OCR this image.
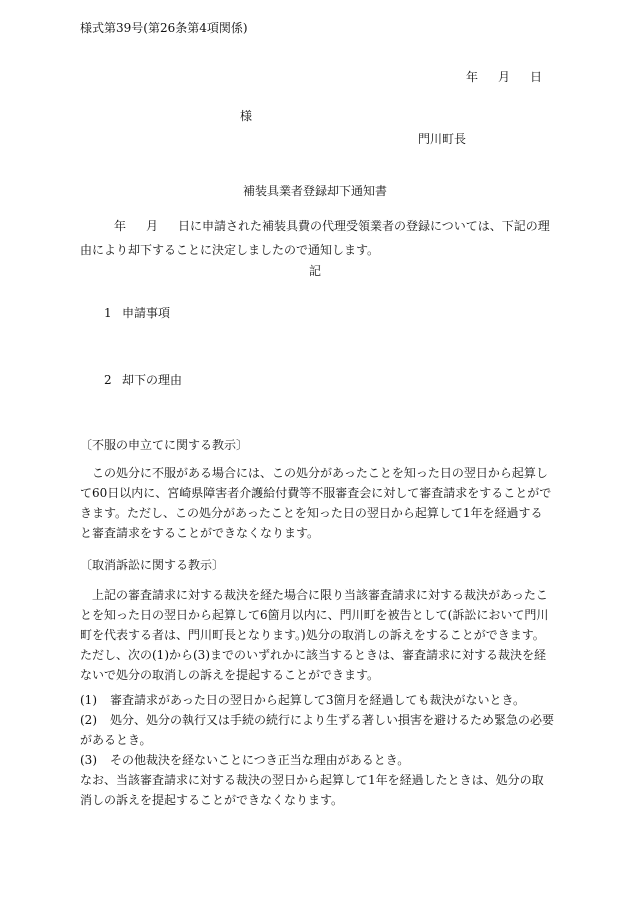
様式第39号(第26条第4項関係)
年 月 日
様
門川町長
補装具業者登録却下通知書
年 月 日に申請された補装具費の代理受領業者の登録については、下記の理由により却下することに決定しましたので通知します。
記
1 申請事項
2 却下の理由
〔不服の申立てに関する教示〕
この処分に不服がある場合には、この処分があったことを知った日の翌日から起算して60日以内に、宮崎県障害者介護給付費等不服審査会に対して審査請求をすることができます。ただし、この処分があったことを知った日の翌日から起算して1年を経過すると審査請求をすることができなくなります。
〔取消訴訟に関する教示〕
上記の審査請求に対する裁決を経た場合に限り当該審査請求に対する裁決があったことを知った日の翌日から起算して6箇月以内に、門川町を被告として(訴訟において門川町を代表する者は、門川町長となります。)処分の取消しの訴えをすることができます。ただし、次の(1)から(3)までのいずれかに該当するときは、審査請求に対する裁決を経ないで処分の取消しの訴えを提起することができます。
(1) 審査請求があった日の翌日から起算して3箇月を経過しても裁決がないとき。
(2) 処分、処分の執行又は手続の続行により生ずる著しい損害を避けるため緊急の必要があるとき。
(3) その他裁決を経ないことにつき正当な理由があるとき。
なお、当該審査請求に対する裁決の翌日から起算して1年を経過したときは、処分の取消しの訴えを提起することができなくなります。
